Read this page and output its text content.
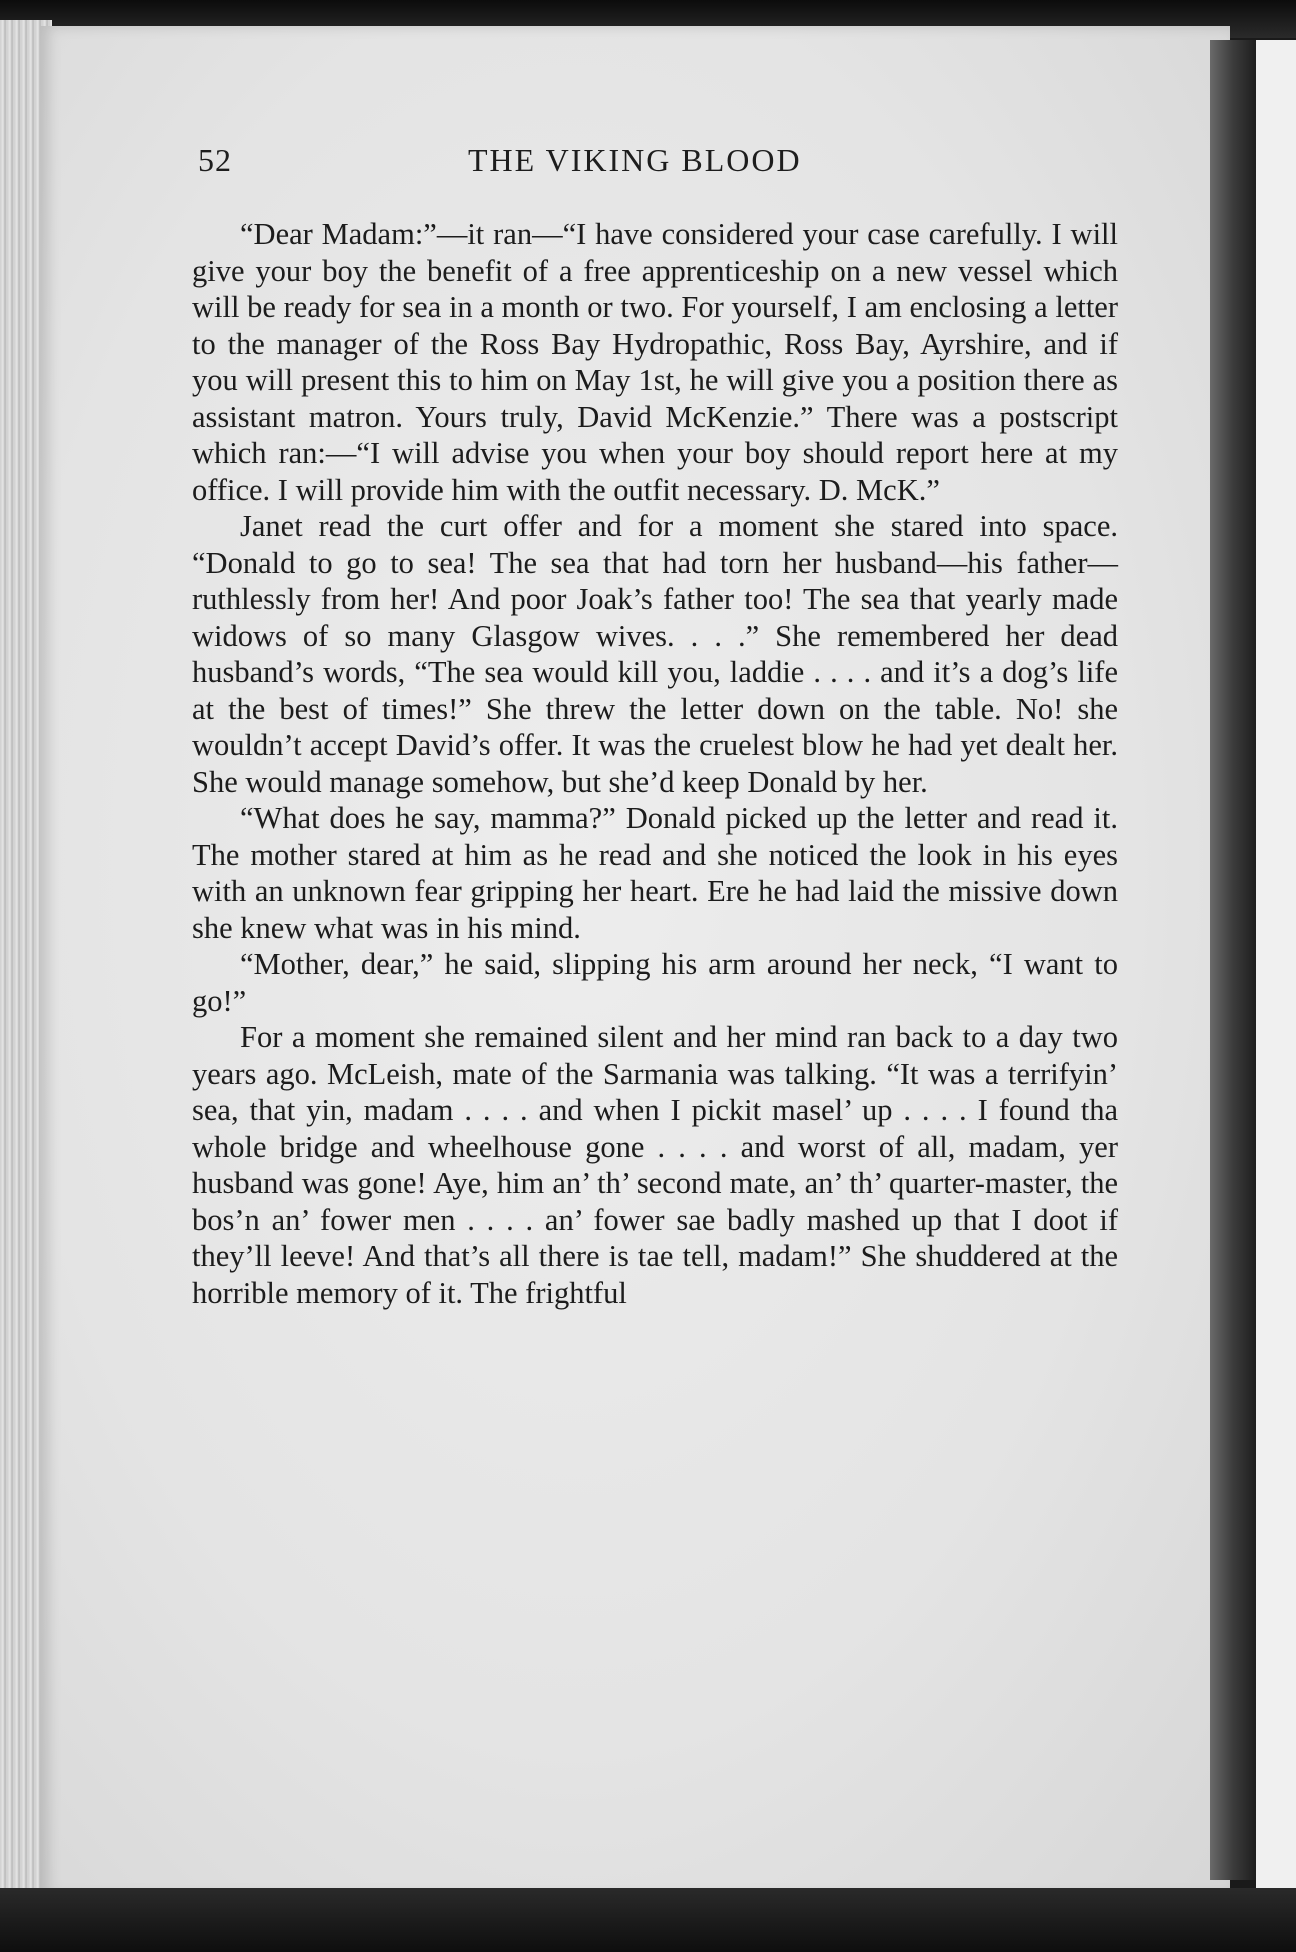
52	THE VIKING BLOOD

“Dear Madam:”—it ran—“I have considered your case carefully. I will give your boy the benefit of a free apprenticeship on a new vessel which will be ready for sea in a month or two. For yourself, I am enclosing a letter to the manager of the Ross Bay Hydropathic, Ross Bay, Ayrshire, and if you will present this to him on May 1st, he will give you a position there as assistant matron. Yours truly, David McKenzie.” There was a postscript which ran:—“I will advise you when your boy should report here at my office. I will provide him with the outfit necessary. D. McK.”

Janet read the curt offer and for a moment she stared into space. “Donald to go to sea! The sea that had torn her husband—his father—ruthlessly from her! And poor Joak’s father too! The sea that yearly made widows of so many Glasgow wives. . . .” She remembered her dead husband’s words, “The sea would kill you, laddie . . . . and it’s a dog’s life at the best of times!” She threw the letter down on the table. No! she wouldn’t accept David’s offer. It was the cruelest blow he had yet dealt her. She would manage somehow, but she’d keep Donald by her.

“What does he say, mamma?” Donald picked up the letter and read it. The mother stared at him as he read and she noticed the look in his eyes with an unknown fear gripping her heart. Ere he had laid the missive down she knew what was in his mind.

“Mother, dear,” he said, slipping his arm around her neck, “I want to go!”

For a moment she remained silent and her mind ran back to a day two years ago. McLeish, mate of the Sarmania was talking. “It was a terrifyin’ sea, that yin, madam . . . . and when I pickit masel’ up . . . . I found tha whole bridge and wheelhouse gone . . . . and worst of all, madam, yer husband was gone! Aye, him an’ th’ second mate, an’ th’ quarter-master, the bos’n an’ fower men . . . . an’ fower sae badly mashed up that I doot if they’ll leeve! And that’s all there is tae tell, madam!” She shuddered at the horrible memory of it. The frightful
